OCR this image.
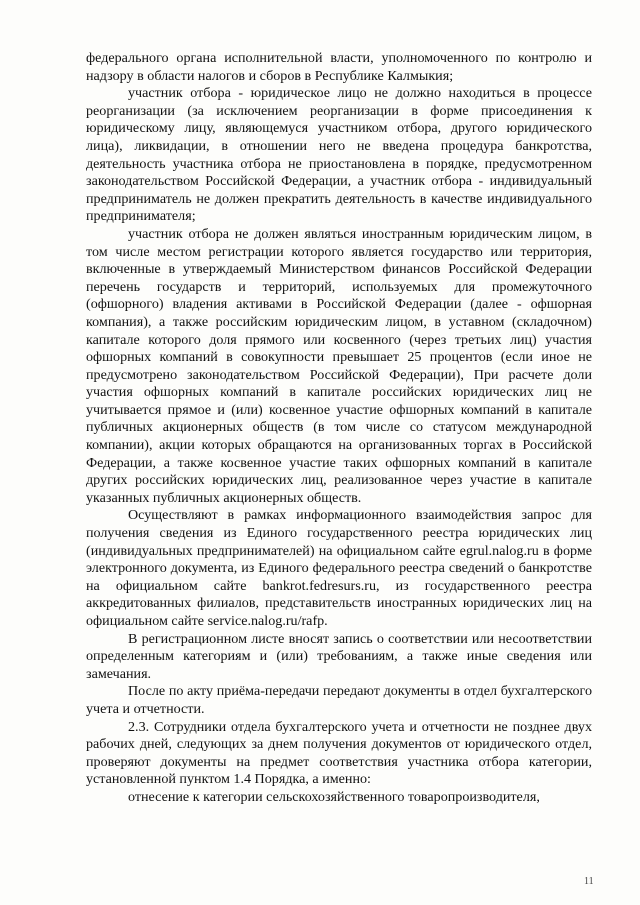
федерального органа исполнительной власти, уполномоченного по контролю и надзору в области налогов и сборов в Республике Калмыкия;

участник отбора - юридическое лицо не должно находиться в процессе реорганизации (за исключением реорганизации в форме присоединения к юридическому лицу, являющемуся участником отбора, другого юридического лица), ликвидации, в отношении него не введена процедура банкротства, деятельность участника отбора не приостановлена в порядке, предусмотренном законодательством Российской Федерации, а участник отбора - индивидуальный предприниматель не должен прекратить деятельность в качестве индивидуального предпринимателя;

участник отбора не должен являться иностранным юридическим лицом, в том числе местом регистрации которого является государство или территория, включенные в утверждаемый Министерством финансов Российской Федерации перечень государств и территорий, используемых для промежуточного (офшорного) владения активами в Российской Федерации (далее - офшорная компания), а также российским юридическим лицом, в уставном (складочном) капитале которого доля прямого или косвенного (через третьих лиц) участия офшорных компаний в совокупности превышает 25 процентов (если иное не предусмотрено законодательством Российской Федерации), При расчете доли участия офшорных компаний в капитале российских юридических лиц не учитывается прямое и (или) косвенное участие офшорных компаний в капитале публичных акционерных обществ (в том числе со статусом международной компании), акции которых обращаются на организованных торгах в Российской Федерации, а также косвенное участие таких офшорных компаний в капитале других российских юридических лиц, реализованное через участие в капитале указанных публичных акционерных обществ.

Осуществляют в рамках информационного взаимодействия запрос для получения сведения из Единого государственного реестра юридических лиц (индивидуальных предпринимателей) на официальном сайте egrul.nalog.ru в форме электронного документа, из Единого федерального реестра сведений о банкротстве на официальном сайте bankrot.fedresurs.ru, из государственного реестра аккредитованных филиалов, представительств иностранных юридических лиц на официальном сайте service.nalog.ru/rafp.

В регистрационном листе вносят запись о соответствии или несоответствии определенным категориям и (или) требованиям, а также иные сведения или замечания.

После по акту приёма-передачи передают документы в отдел бухгалтерского учета и отчетности.

2.3. Сотрудники отдела бухгалтерского учета и отчетности не позднее двух рабочих дней, следующих за днем получения документов от юридического отдел, проверяют документы на предмет соответствия участника отбора категории, установленной пунктом 1.4 Порядка, а именно:

отнесение к категории сельскохозяйственного товаропроизводителя,

11
